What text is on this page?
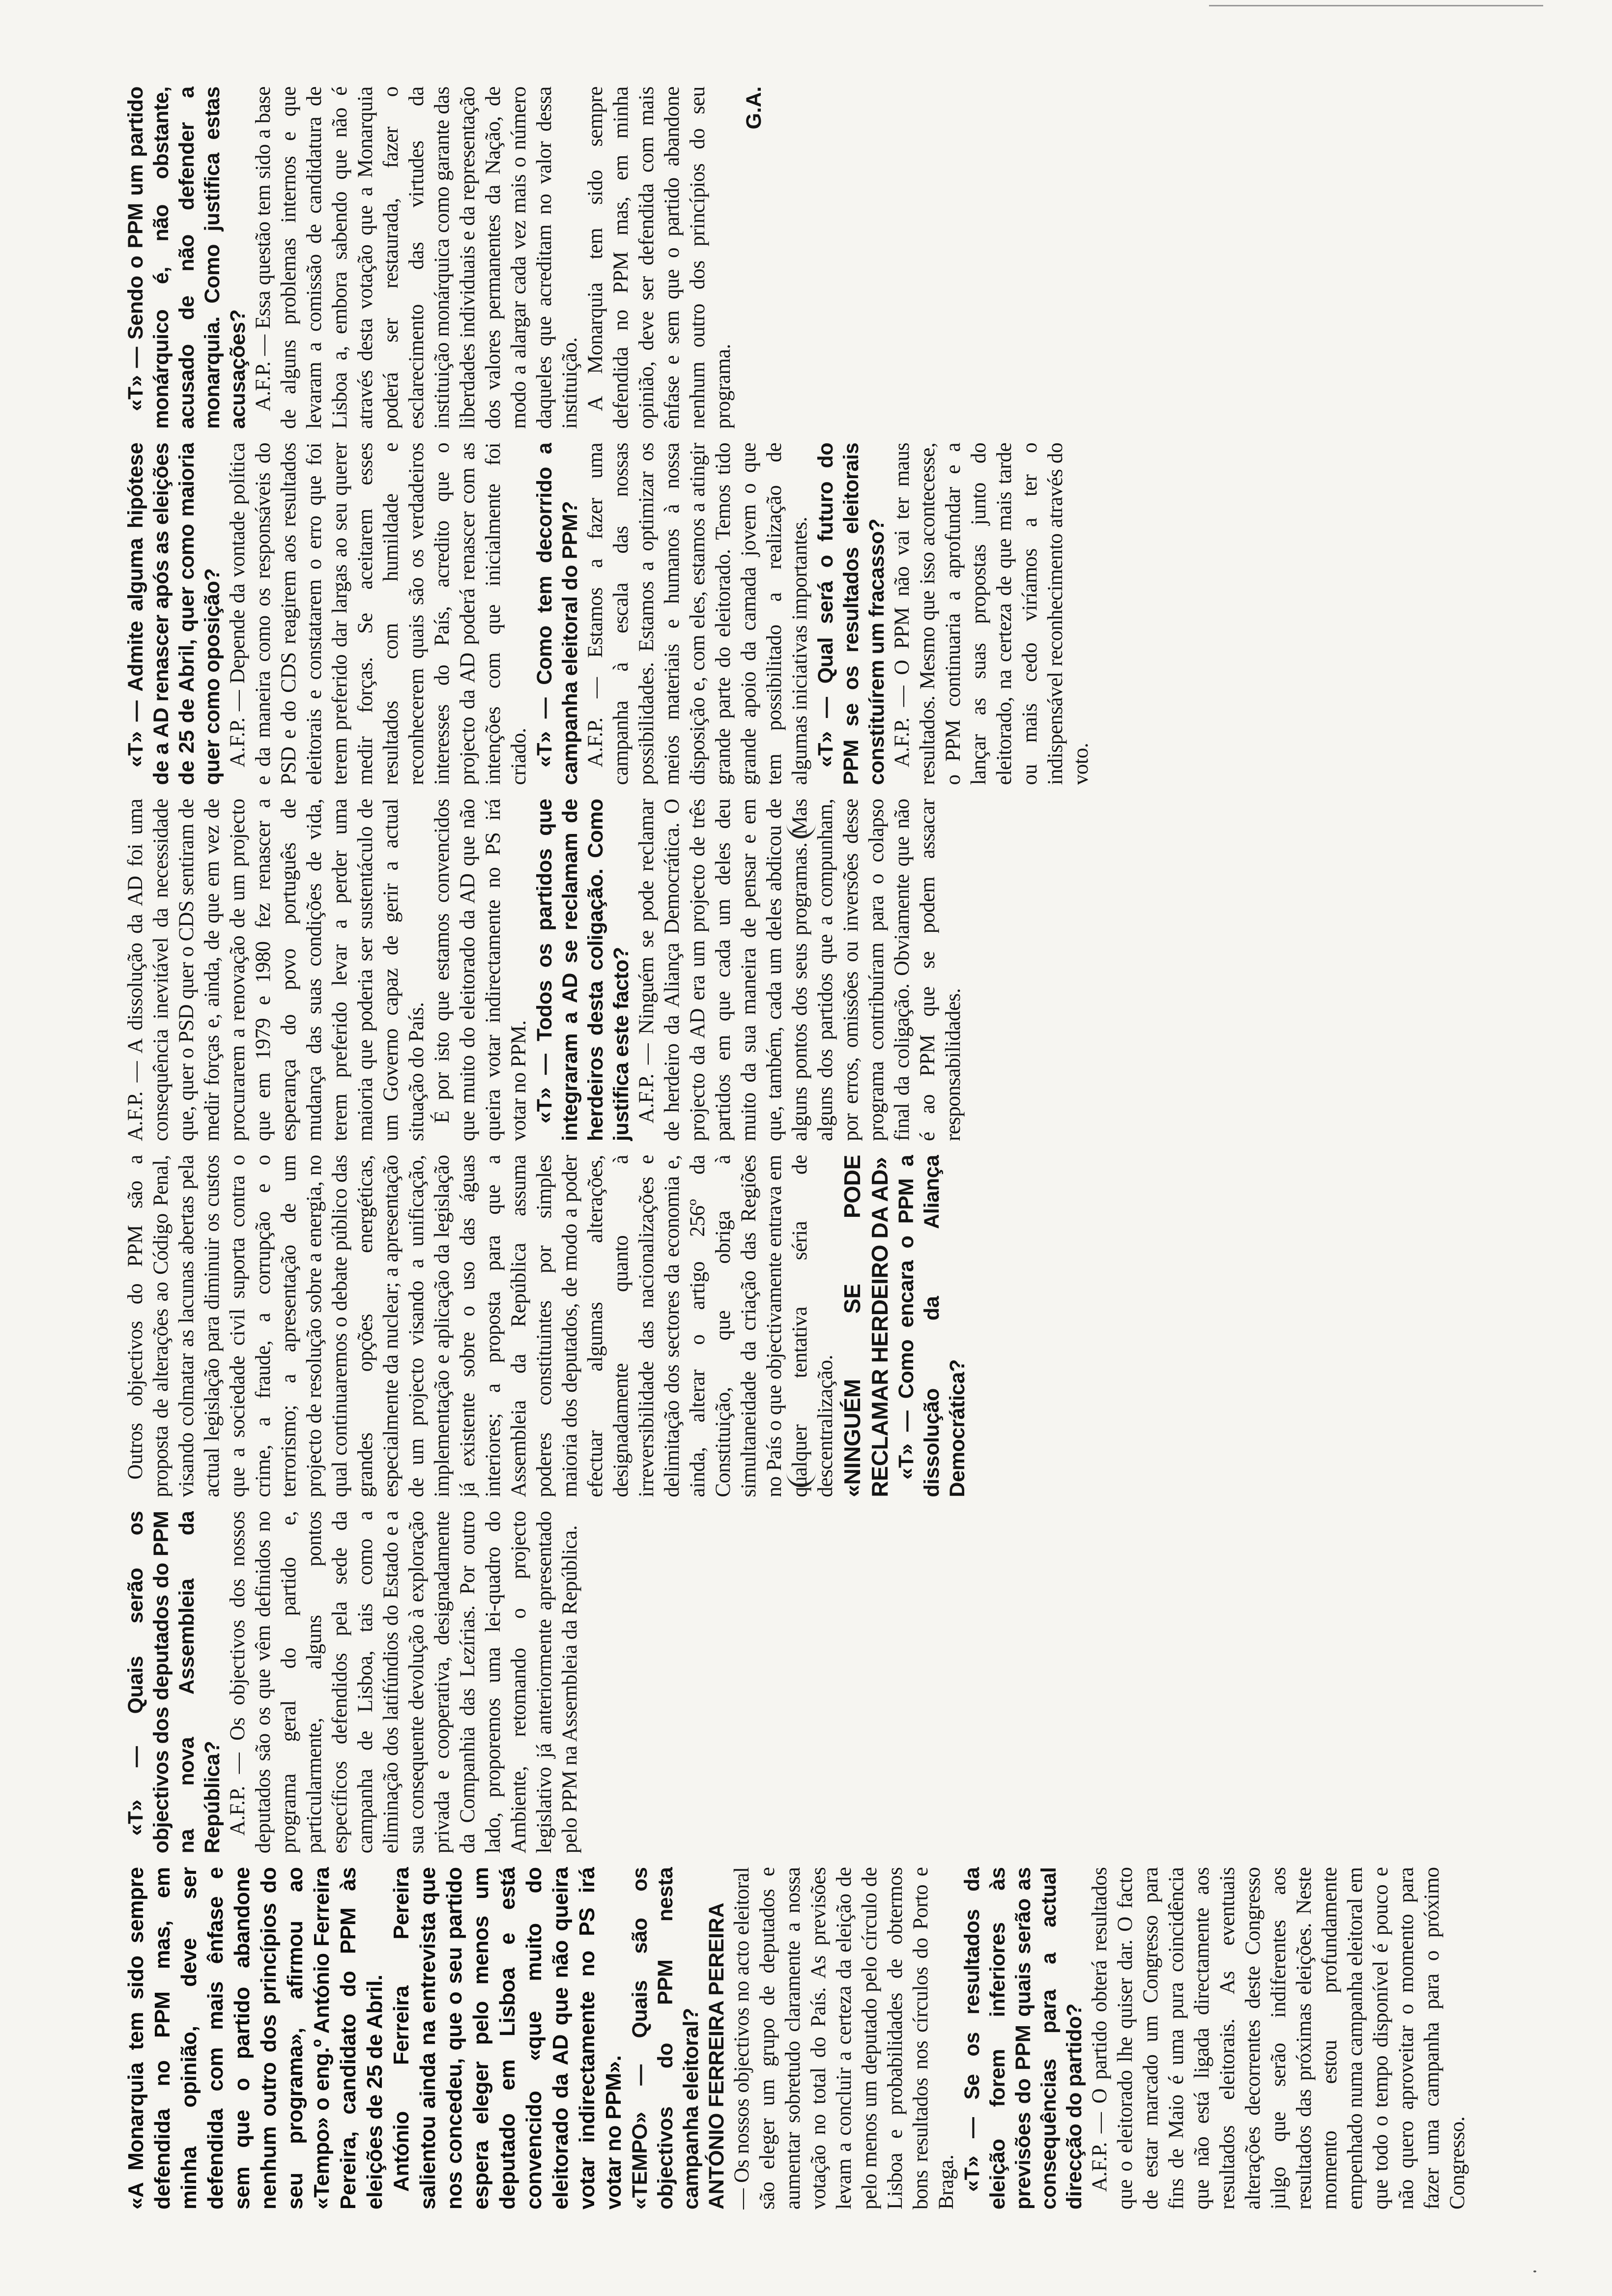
«A Monarquia tem sido sempre defendida no PPM mas, em minha opinião, deve ser defendida com mais ênfase e sem que o partido abandone nenhum outro dos princípios do seu programa», afirmou ao «Tempo» o eng.º António Ferreira Pereira, candidato do PPM às eleições de 25 de Abril. António Ferreira Pereira salientou ainda na entrevista que nos concedeu, que o seu partido espera eleger pelo menos um deputado em Lisboa e está convencido «que muito do eleitorado da AD que não queira votar indirectamente no PS irá votar no PPM». «TEMPO» — Quais são os objectivos do PPM nesta campanha eleitoral? ANTÓNIO FERREIRA PEREIRA — Os nossos objectivos no acto eleitoral são eleger um grupo de deputados e aumentar sobretudo claramente a nossa votação no total do País. As previsões levam a concluir a certeza da eleição de pelo menos um deputado pelo círculo de Lisboa e probabilidades de obtermos bons resultados nos círculos do Porto e Braga. «T» — Se os resultados da eleição forem inferiores às previsões do PPM quais serão as consequências para a actual direcção do partido? A.F.P. — O partido obterá resultados que o eleitorado lhe quiser dar. O facto de estar marcado um Congresso para fins de Maio é uma pura coincidência que não está ligada directamente aos resultados eleitorais. As eventuais alterações decorrentes deste Congresso julgo que serão indiferentes aos resultados das próximas eleições. Neste momento estou profundamente empenhado numa campanha eleitoral em que todo o tempo disponível é pouco e não quero aproveitar o momento para fazer uma campanha para o próximo Congresso.

«T» — Quais serão os objectivos dos deputados do PPM na nova Assembleia da República? A.F.P. — Os objectivos dos nossos deputados são os que vêm definidos no programa geral do partido e, particularmente, alguns pontos específicos defendidos pela sede da campanha de Lisboa, tais como a eliminação dos latifúndios do Estado e a sua consequente devolução à exploração privada e cooperativa, designadamente da Companhia das Lezírias. Por outro lado, proporemos uma lei-quadro do Ambiente, retomando o projecto legislativo já anteriormente apresentado pelo PPM na Assembleia da República.

Outros objectivos do PPM são a proposta de alterações ao Código Penal, visando colmatar as lacunas abertas pela actual legislação para diminuir os custos que a sociedade civil suporta contra o crime, a fraude, a corrupção e o terrorismo; a apresentação de um projecto de resolução sobre a energia, no qual continuaremos o debate público das grandes opções energéticas, especialmente da nuclear; a apresentação de um projecto visando a unificação, implementação e aplicação da legislação já existente sobre o uso das águas interiores; a proposta para que a Assembleia da República assuma poderes constituintes por simples maioria dos deputados, de modo a poder efectuar algumas alterações, designadamente quanto à irreversibilidade das nacionalizações e delimitação dos sectores da economia e, ainda, alterar o artigo 256º da Constituição, que obriga à simultaneidade da criação das Regiões no País o que objectivamente entrava em qualquer tentativa séria de descentralização. «NINGUÉM SE PODE RECLAMAR HERDEIRO DA AD» «T» — Como encara o PPM a dissolução da Aliança Democrática?

A.F.P. — A dissolução da AD foi uma consequência inevitável da necessidade que, quer o PSD quer o CDS sentiram de medir forças e, ainda, de que em vez de procurarem a renovação de um projecto que em 1979 e 1980 fez renascer a esperança do povo português de mudança das suas condições de vida, terem preferido levar a perder uma maioria que poderia ser sustentáculo de um Governo capaz de gerir a actual situação do País. É por isto que estamos convencidos que muito do eleitorado da AD que não queira votar indirectamente no PS irá votar no PPM. «T» — Todos os partidos que integraram a AD se reclamam de herdeiros desta coligação. Como justifica este facto? A.F.P. — Ninguém se pode reclamar de herdeiro da Aliança Democrática. O projecto da AD era um projecto de três partidos em que cada um deles deu muito da sua maneira de pensar e em que, também, cada um deles abdicou de alguns pontos dos seus programas. Mas alguns dos partidos que a compunham, por erros, omissões ou inversões desse programa contribuíram para o colapso final da coligação. Obviamente que não é ao PPM que se podem assacar responsabilidades.

«T» — Admite alguma hipótese de a AD renascer após as eleições de 25 de Abril, quer como maioria quer como oposição? A.F.P. — Depende da vontade política e da maneira como os responsáveis do PSD e do CDS reagirem aos resultados eleitorais e constatarem o erro que foi terem preferido dar largas ao seu querer medir forças. Se aceitarem esses resultados com humildade e reconhecerem quais são os verdadeiros interesses do País, acredito que o projecto da AD poderá renascer com as intenções com que inicialmente foi criado. «T» — Como tem decorrido a campanha eleitoral do PPM? A.F.P. — Estamos a fazer uma campanha à escala das nossas possibilidades. Estamos a optimizar os meios materiais e humanos à nossa disposição e, com eles, estamos a atingir grande parte do eleitorado. Temos tido grande apoio da camada jovem o que tem possibilitado a realização de algumas iniciativas importantes. «T» — Qual será o futuro do PPM se os resultados eleitorais constituírem um fracasso? A.F.P. — O PPM não vai ter maus resultados. Mesmo que isso acontecesse, o PPM continuaria a aprofundar e a lançar as suas propostas junto do eleitorado, na certeza de que mais tarde ou mais cedo viríamos a ter o indispensável reconhecimento através do voto.

«T» — Sendo o PPM um partido monárquico é, não obstante, acusado de não defender a monarquia. Como justifica estas acusações? A.F.P. — Essa questão tem sido a base de alguns problemas internos e que levaram a comissão de candidatura de Lisboa a, embora sabendo que não é através desta votação que a Monarquia poderá ser restaurada, fazer o esclarecimento das virtudes da instituição monárquica como garante das liberdades individuais e da representação dos valores permanentes da Nação, de modo a alargar cada vez mais o número daqueles que acreditam no valor dessa instituição. A Monarquia tem sido sempre defendida no PPM mas, em minha opinião, deve ser defendida com mais ênfase e sem que o partido abandone nenhum outro dos princípios do seu programa.

G.A.
